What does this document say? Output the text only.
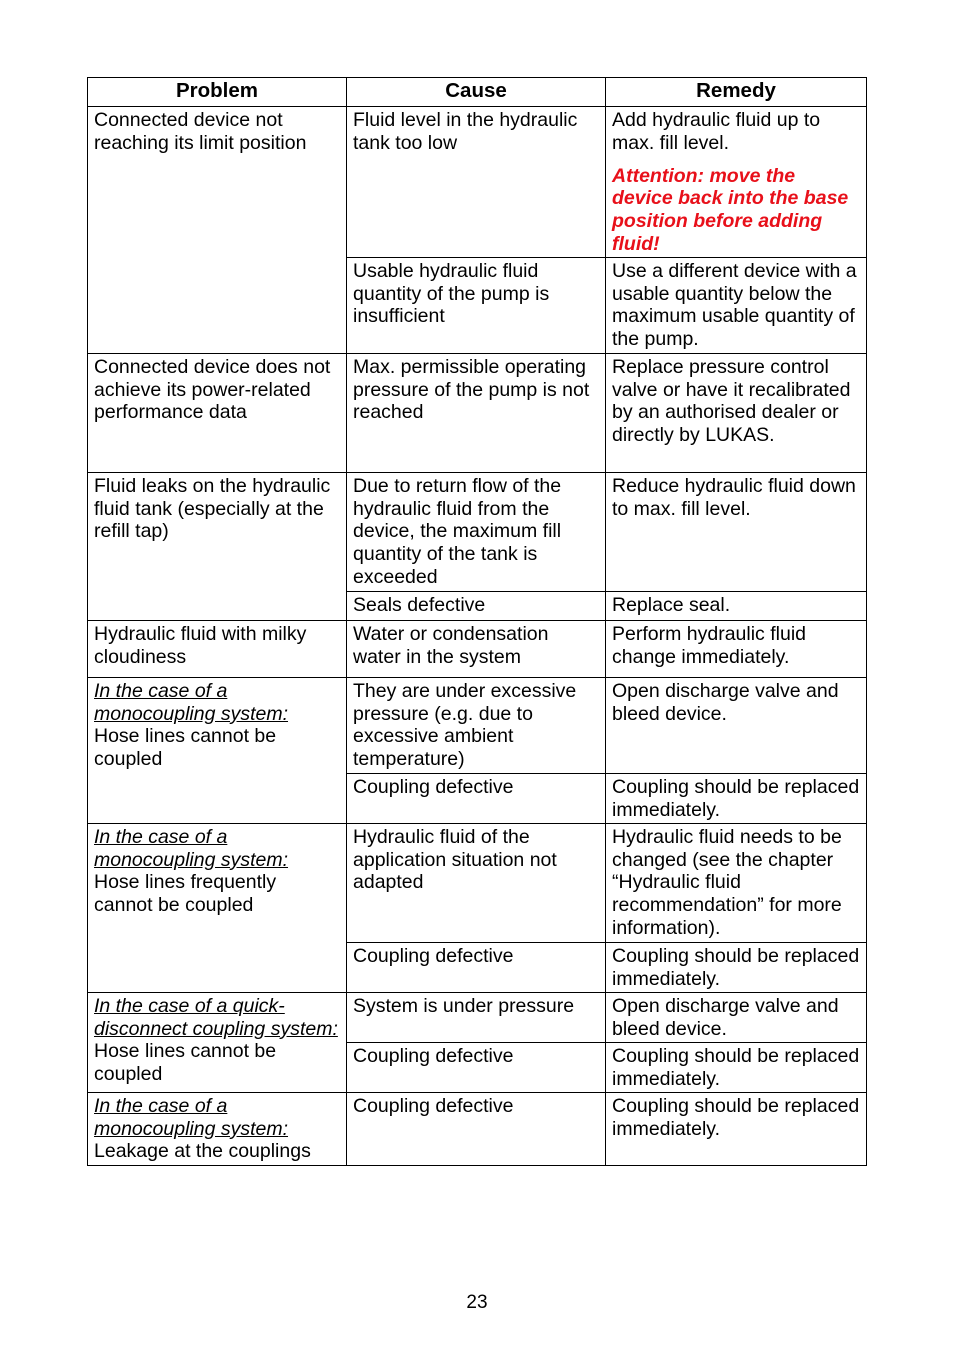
Problem	Cause	Remedy
Connected device not reaching its limit position	Fluid level in the hydraulic tank too low	Add hydraulic fluid up to max. fill level.
Attention: move the device back into the base position before adding fluid!

	Usable hydraulic fluid quantity of the pump is insufficient	Use a different device with a usable quantity below the maximum usable quantity of the pump.
Connected device does not achieve its power-related performance data	Max. permissible operating pressure of the pump is not reached	Replace pressure control valve or have it recalibrated by an authorised dealer or directly by LUKAS.
Fluid leaks on the hydraulic fluid tank (especially at the refill tap)	Due to return flow of the hydraulic fluid from the device, the maximum fill quantity of the tank is exceeded	Reduce hydraulic fluid down to max. fill level.
	Seals defective	Replace seal.
Hydraulic fluid with milky cloudiness	Water or condensation water in the system	Perform hydraulic fluid change immediately.
In the case of a monocoupling system:
Hose lines cannot be coupled	They are under excessive pressure (e.g. due to excessive ambient temperature)	Open discharge valve and bleed device.
	Coupling defective	Coupling should be replaced immediately.
In the case of a monocoupling system:
Hose lines frequently cannot be coupled	Hydraulic fluid of the application situation not adapted	Hydraulic fluid needs to be changed (see the chapter “Hydraulic fluid recommendation” for more information).
	Coupling defective	Coupling should be replaced immediately.
In the case of a quick-disconnect coupling system: Hose lines cannot be coupled	System is under pressure	Open discharge valve and bleed device.
	Coupling defective	Coupling should be replaced immediately.
In the case of a monocoupling system:
Leakage at the couplings	Coupling defective	Coupling should be replaced immediately.
23
